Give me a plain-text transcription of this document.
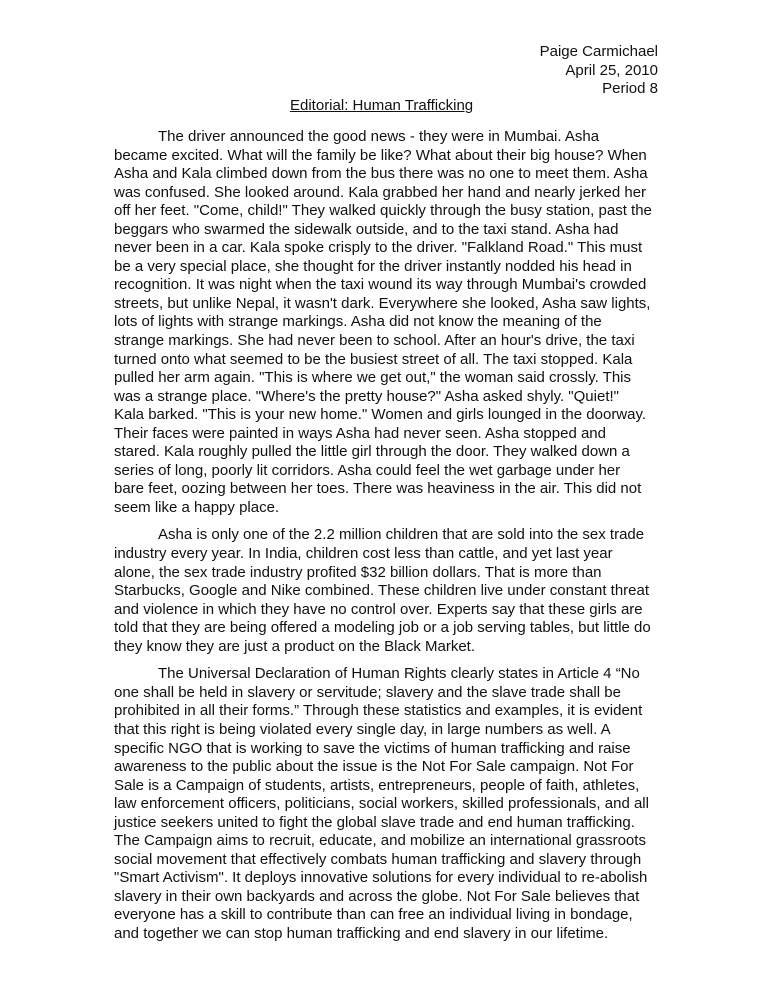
Paige Carmichael
April 25, 2010
Period 8
Editorial: Human Trafficking
The driver announced the good news - they were in Mumbai. Asha
became excited. What will the family be like? What about their big house? When
Asha and Kala climbed down from the bus there was no one to meet them. Asha
was confused. She looked around. Kala grabbed her hand and nearly jerked her
off her feet. "Come, child!" They walked quickly through the busy station, past the
beggars who swarmed the sidewalk outside, and to the taxi stand. Asha had
never been in a car. Kala spoke crisply to the driver. "Falkland Road." This must
be a very special place, she thought for the driver instantly nodded his head in
recognition. It was night when the taxi wound its way through Mumbai's crowded
streets, but unlike Nepal, it wasn't dark. Everywhere she looked, Asha saw lights,
lots of lights with strange markings. Asha did not know the meaning of the
strange markings. She had never been to school. After an hour's drive, the taxi
turned onto what seemed to be the busiest street of all. The taxi stopped. Kala
pulled her arm again. "This is where we get out," the woman said crossly. This
was a strange place. "Where's the pretty house?" Asha asked shyly. "Quiet!"
Kala barked. "This is your new home." Women and girls lounged in the doorway.
Their faces were painted in ways Asha had never seen. Asha stopped and
stared. Kala roughly pulled the little girl through the door. They walked down a
series of long, poorly lit corridors. Asha could feel the wet garbage under her
bare feet, oozing between her toes. There was heaviness in the air. This did not
seem like a happy place.
Asha is only one of the 2.2 million children that are sold into the sex trade
industry every year. In India, children cost less than cattle, and yet last year
alone, the sex trade industry profited $32 billion dollars. That is more than
Starbucks, Google and Nike combined. These children live under constant threat
and violence in which they have no control over. Experts say that these girls are
told that they are being offered a modeling job or a job serving tables, but little do
they know they are just a product on the Black Market.
The Universal Declaration of Human Rights clearly states in Article 4 “No
one shall be held in slavery or servitude; slavery and the slave trade shall be
prohibited in all their forms.” Through these statistics and examples, it is evident
that this right is being violated every single day, in large numbers as well. A
specific NGO that is working to save the victims of human trafficking and raise
awareness to the public about the issue is the Not For Sale campaign. Not For
Sale is a Campaign of students, artists, entrepreneurs, people of faith, athletes,
law enforcement officers, politicians, social workers, skilled professionals, and all
justice seekers united to fight the global slave trade and end human trafficking.
The Campaign aims to recruit, educate, and mobilize an international grassroots
social movement that effectively combats human trafficking and slavery through
"Smart Activism". It deploys innovative solutions for every individual to re-abolish
slavery in their own backyards and across the globe. Not For Sale believes that
everyone has a skill to contribute than can free an individual living in bondage,
and together we can stop human trafficking and end slavery in our lifetime.
